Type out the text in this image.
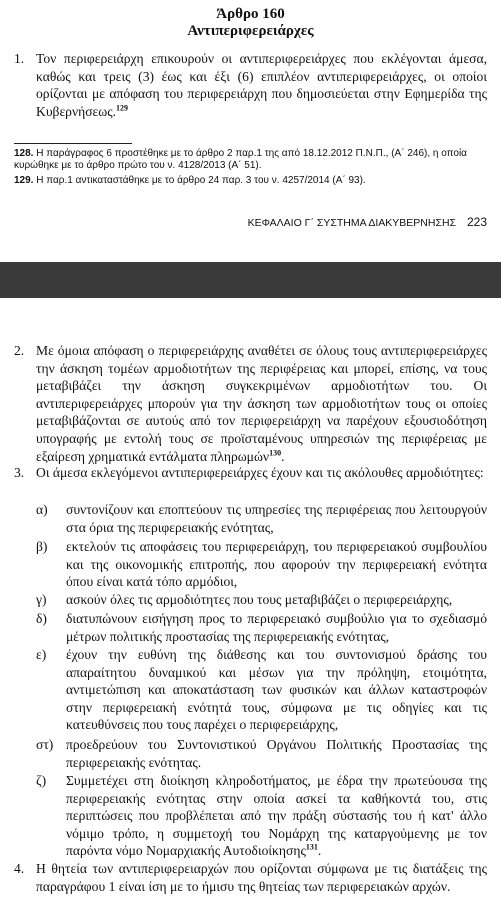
Άρθρο 160
Αντιπεριφερειάρχες
1. Τον περιφερειάρχη επικουρούν οι αντιπεριφερειάρχες που εκλέγονται άμεσα, καθώς και τρεις (3) έως και έξι (6) επιπλέον αντιπεριφερειάρχες, οι οποίοι ορίζονται με απόφαση του περιφερειάρχη που δημοσιεύεται στην Εφημερίδα της Κυβερνήσεως.$^{129}$
128. Η παράγραφος 6 προστέθηκε με το άρθρο 2 παρ.1 της από 18.12.2012 Π.Ν.Π., (Α΄ 246), η οποία κυρώθηκε με το άρθρο πρώτο του ν. 4128/2013 (Α΄ 51).
129. Η παρ.1 αντικαταστάθηκε με το άρθρο 24 παρ. 3 του ν. 4257/2014 (Α΄ 93).
ΚΕΦΑΛΑΙΟ Γ΄ ΣΥΣΤΗΜΑ ΔΙΑΚΥΒΕΡΝΗΣΗΣ 223
2. Με όμοια απόφαση ο περιφερειάρχης αναθέτει σε όλους τους αντιπεριφερειάρχες την άσκηση τομέων αρμοδιοτήτων της περιφέρειας και μπορεί, επίσης, να τους μεταβιβάζει την άσκηση συγκεκριμένων αρμοδιοτήτων του. Οι αντιπεριφερειάρχες μπορούν για την άσκηση των αρμοδιοτήτων τους οι οποίες μεταβιβάζονται σε αυτούς από τον περιφερειάρχη να παρέχουν εξουσιοδότηση υπογραφής με εντολή τους σε προϊσταμένους υπηρεσιών της περιφέρειας με εξαίρεση χρηματικά εντάλματα πληρωμών$^{130}$.
3. Οι άμεσα εκλεγόμενοι αντιπεριφερειάρχες έχουν και τις ακόλουθες αρμοδιότητες:
α) συντονίζουν και εποπτεύουν τις υπηρεσίες της περιφέρειας που λειτουργούν στα όρια της περιφερειακής ενότητας,
β) εκτελούν τις αποφάσεις του περιφερειάρχη, του περιφερειακού συμβουλίου και της οικονομικής επιτροπής, που αφορούν την περιφερειακή ενότητα όπου είναι κατά τόπο αρμόδιοι,
γ) ασκούν όλες τις αρμοδιότητες που τους μεταβιβάζει ο περιφερειάρχης,
δ) διατυπώνουν εισήγηση προς το περιφερειακό συμβούλιο για το σχεδιασμό μέτρων πολιτικής προστασίας της περιφερειακής ενότητας,
ε) έχουν την ευθύνη της διάθεσης και του συντονισμού δράσης του απαραίτητου δυναμικού και μέσων για την πρόληψη, ετοιμότητα, αντιμετώπιση και αποκατάσταση των φυσικών και άλλων καταστροφών στην περιφερειακή ενότητά τους, σύμφωνα με τις οδηγίες και τις κατευθύνσεις που τους παρέχει ο περιφερειάρχης,
στ) προεδρεύουν του Συντονιστικού Οργάνου Πολιτικής Προστασίας της περιφερειακής ενότητας.
ζ) Συμμετέχει στη διοίκηση κληροδοτήματος, με έδρα την πρωτεύουσα της περιφερειακής ενότητας στην οποία ασκεί τα καθήκοντά του, στις περιπτώσεις που προβλέπεται από την πράξη σύστασής του ή κατ' άλλο νόμιμο τρόπο, η συμμετοχή του Νομάρχη της καταργούμενης με τον παρόντα νόμο Νομαρχιακής Αυτοδιοίκησης$^{131}$.
4. Η θητεία των αντιπεριφερειαρχών που ορίζονται σύμφωνα με τις διατάξεις της παραγράφου 1 είναι ίση με το ήμισυ της θητείας των περιφερειακών αρχών.
